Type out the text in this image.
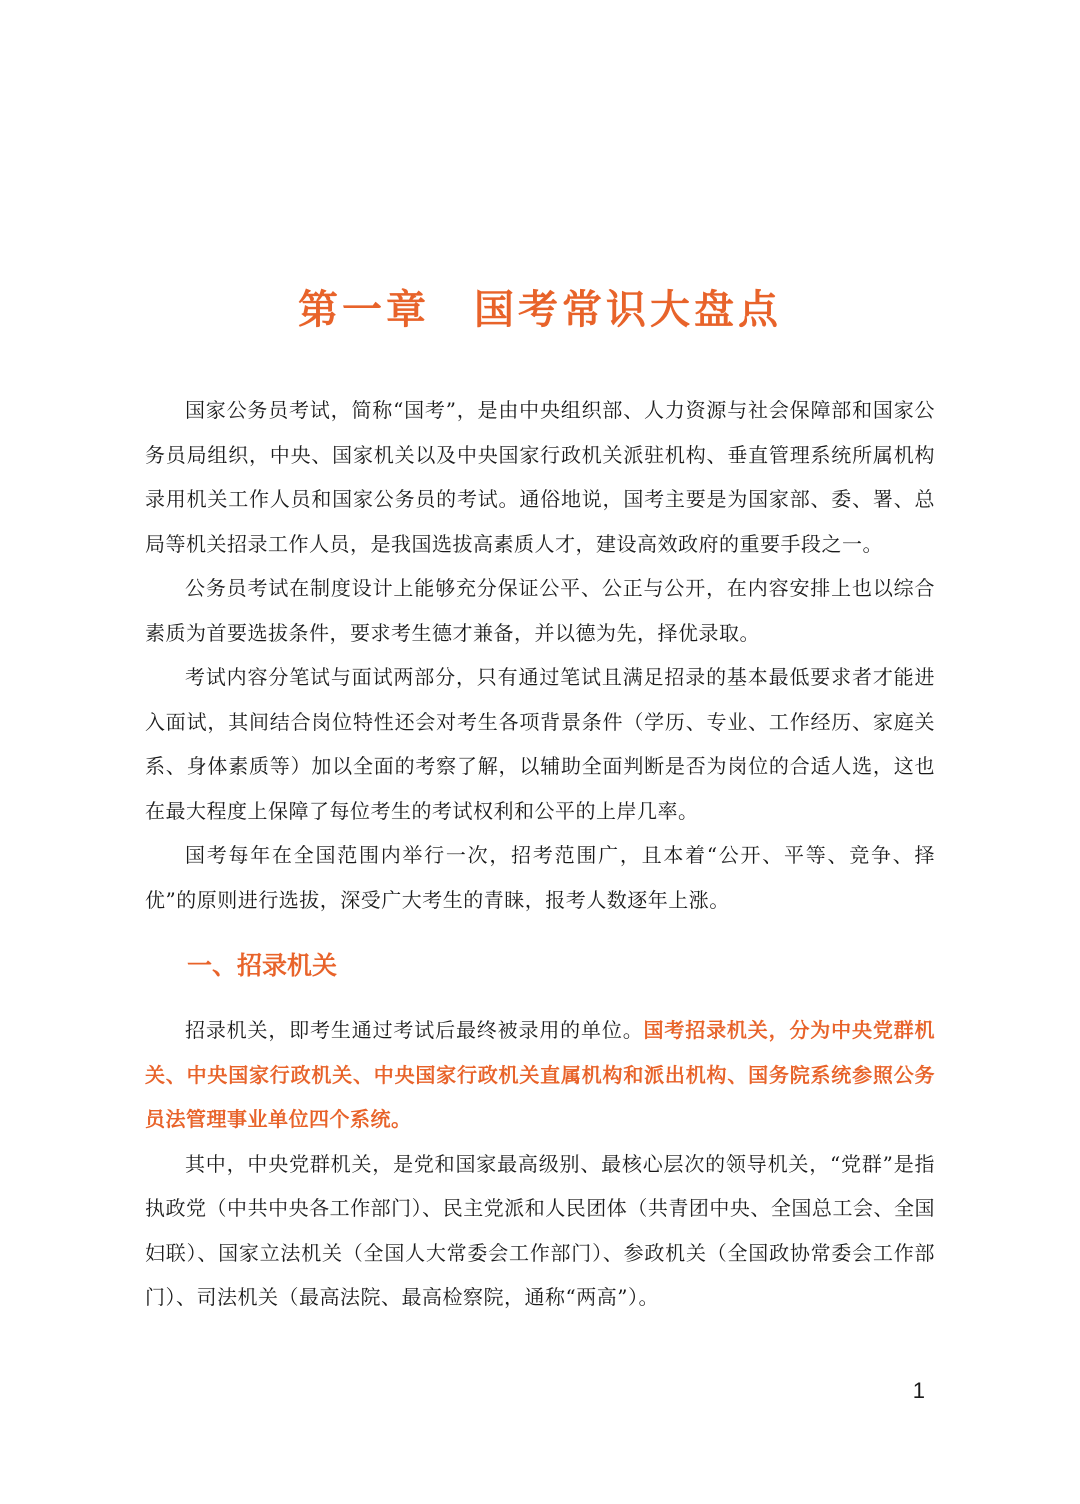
第一章　国考常识大盘点

国家公务员考试，简称“国考”，是由中央组织部、人力资源与社会保障部和国家公务员局组织，中央、国家机关以及中央国家行政机关派驻机构、垂直管理系统所属机构录用机关工作人员和国家公务员的考试。通俗地说，国考主要是为国家部、委、署、总局等机关招录工作人员，是我国选拔高素质人才，建设高效政府的重要手段之一。

公务员考试在制度设计上能够充分保证公平、公正与公开，在内容安排上也以综合素质为首要选拔条件，要求考生德才兼备，并以德为先，择优录取。

考试内容分笔试与面试两部分，只有通过笔试且满足招录的基本最低要求者才能进入面试，其间结合岗位特性还会对考生各项背景条件（学历、专业、工作经历、家庭关系、身体素质等）加以全面的考察了解，以辅助全面判断是否为岗位的合适人选，这也在最大程度上保障了每位考生的考试权利和公平的上岸几率。

国考每年在全国范围内举行一次，招考范围广，且本着“公开、平等、竞争、择优”的原则进行选拔，深受广大考生的青睐，报考人数逐年上涨。

一、招录机关

招录机关，即考生通过考试后最终被录用的单位。国考招录机关，分为中央党群机关、中央国家行政机关、中央国家行政机关直属机构和派出机构、国务院系统参照公务员法管理事业单位四个系统。

其中，中央党群机关，是党和国家最高级别、最核心层次的领导机关，“党群”是指执政党（中共中央各工作部门）、民主党派和人民团体（共青团中央、全国总工会、全国妇联）、国家立法机关（全国人大常委会工作部门）、参政机关（全国政协常委会工作部门）、司法机关（最高法院、最高检察院，通称“两高”）。

1
